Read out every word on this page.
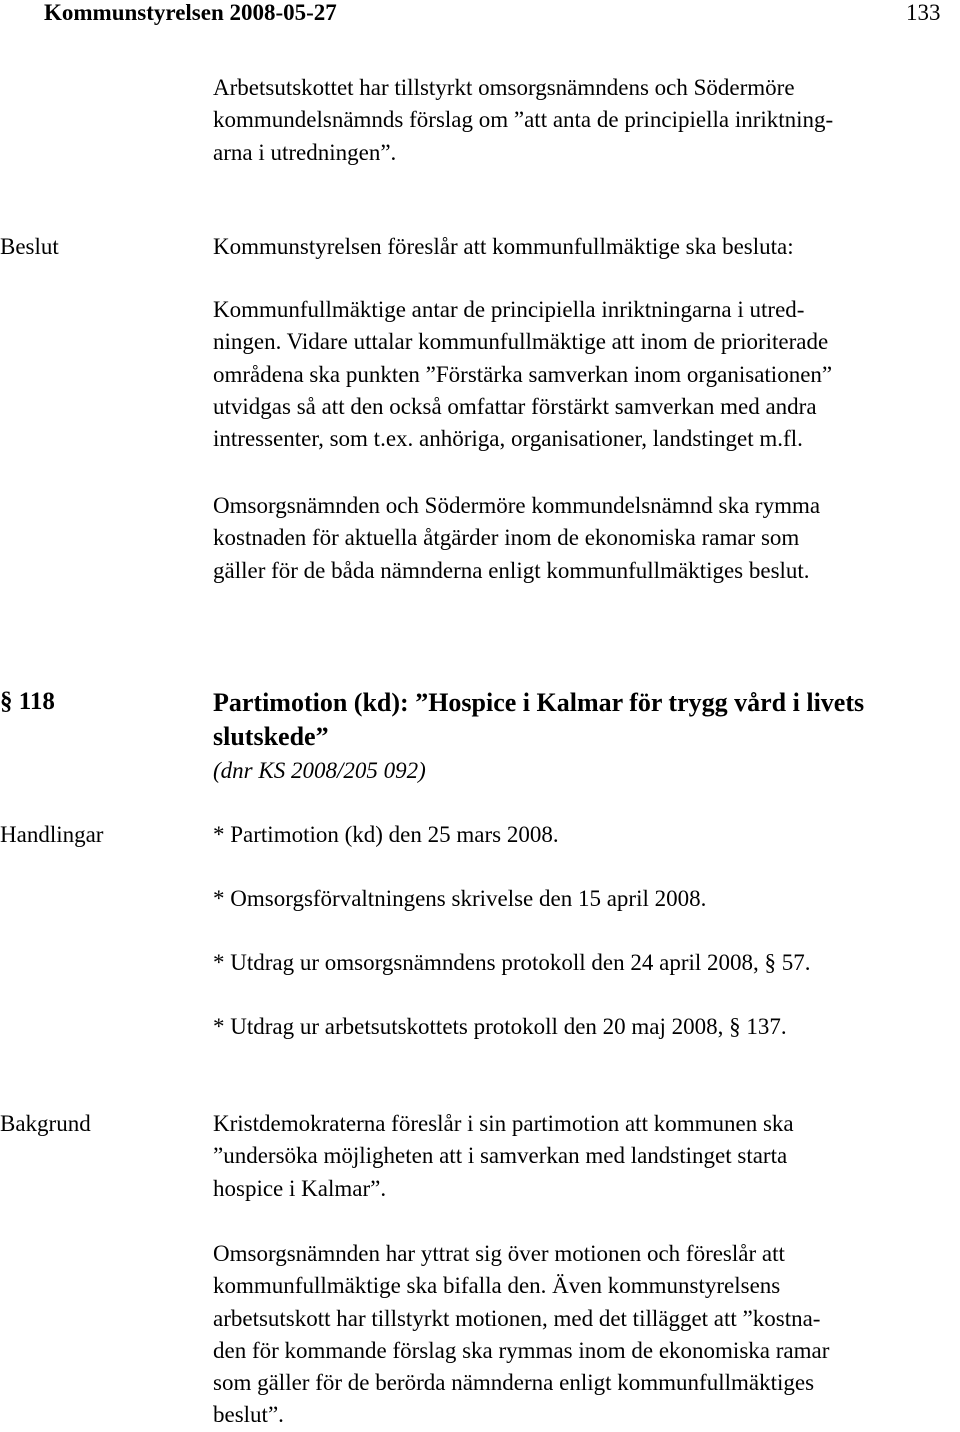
Kommunstyrelsen 2008-05-27	133
Arbetsutskottet har tillstyrkt omsorgsnämndens och Södermöre
kommundelsnämnds förslag om ”att anta de principiella inriktning-
arna i utredningen”.
Beslut	Kommunstyrelsen föreslår att kommunfullmäktige ska besluta:
Kommunfullmäktige antar de principiella inriktningarna i utred-
ningen. Vidare uttalar kommunfullmäktige att inom de prioriterade
områdena ska punkten ”Förstärka samverkan inom organisationen”
utvidgas så att den också omfattar förstärkt samverkan med andra
intressenter, som t.ex. anhöriga, organisationer, landstinget m.fl.
Omsorgsnämnden och Södermöre kommundelsnämnd ska rymma
kostnaden för aktuella åtgärder inom de ekonomiska ramar som
gäller för de båda nämnderna enligt kommunfullmäktiges beslut.
§ 118	Partimotion (kd): ”Hospice i Kalmar för trygg vård i livets
slutskede”
(dnr KS 2008/205 092)
Handlingar	* Partimotion (kd) den 25 mars 2008.
* Omsorgsförvaltningens skrivelse den 15 april 2008.
* Utdrag ur omsorgsnämndens protokoll den 24 april 2008, § 57.
* Utdrag ur arbetsutskottets protokoll den 20 maj 2008, § 137.
Bakgrund	Kristdemokraterna föreslår i sin partimotion att kommunen ska
”undersöka möjligheten att i samverkan med landstinget starta
hospice i Kalmar”.
Omsorgsnämnden har yttrat sig över motionen och föreslår att
kommunfullmäktige ska bifalla den. Även kommunstyrelsens
arbetsutskott har tillstyrkt motionen, med det tillägget att ”kostna-
den för kommande förslag ska rymmas inom de ekonomiska ramar
som gäller för de berörda nämnderna enligt kommunfullmäktiges
beslut”.
